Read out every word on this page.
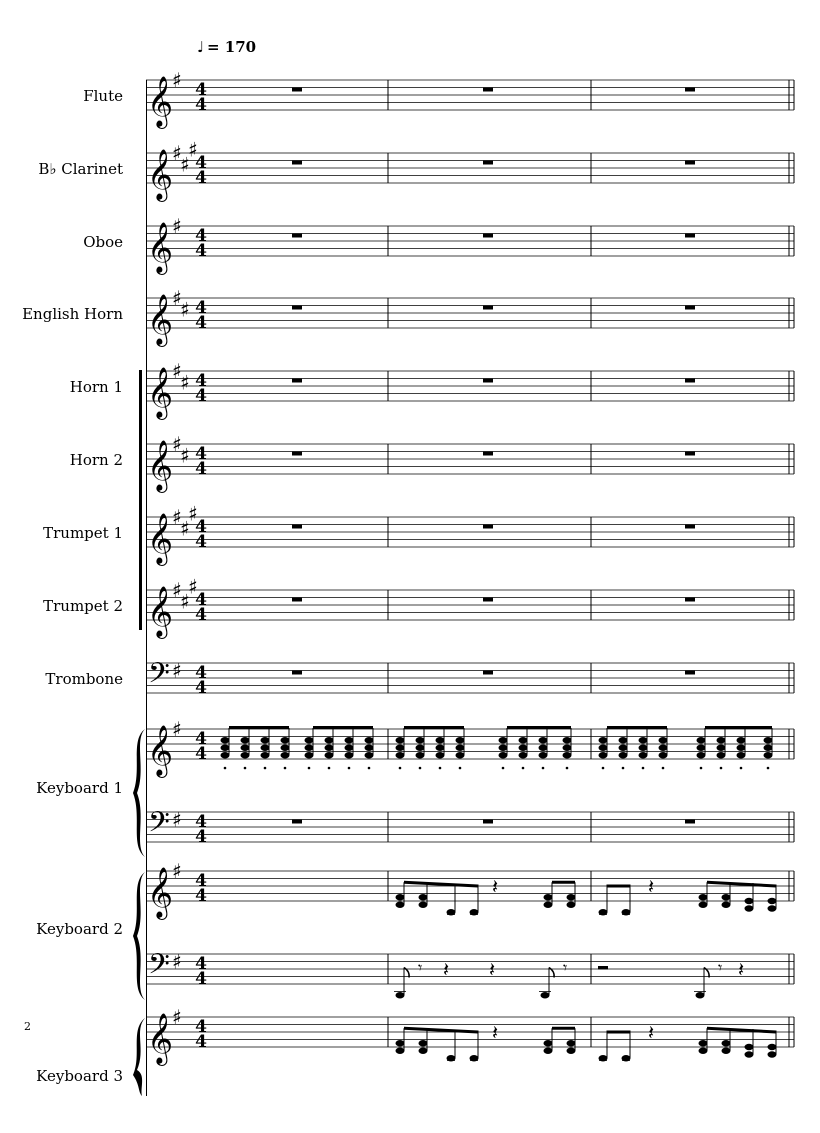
♩ = 170
2
Flute
B♭ Clarinet
Oboe
English Horn
Horn 1
Horn 2
Trumpet 1
Trumpet 2
Trombone
Keyboard 1
Keyboard 2
Keyboard 3
𝄞
♯ 4
4
𝄞
♯
♯
♯
4
4
𝄞
♯ 4
4
𝄞
♯
♯ 4
4
𝄞
♯
♯ 4
4
𝄞
♯
♯ 4
4
𝄞
♯
♯
♯
4
4
𝄞
♯
♯
♯
4
4
𝄢 ♯ 4
4
𝄞
♯ 4
4
𝄢 ♯ 4
4
𝄞
♯ 4
4
𝄢 ♯ 4
4
𝄞
♯ 4
4
𝄽	𝄽
𝄽	𝄽
𝄾 𝄽 𝄽	𝄾	𝄾 𝄽
